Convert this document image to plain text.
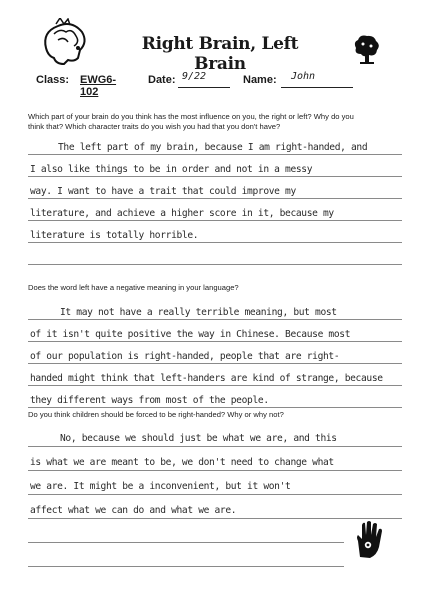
Right Brain, Left Brain
Class: EWG6-102
Date: 9/22	Name: John
Which part of your brain do you think has the most influence on you, the right or left? Why do you
think that? Which character traits do you wish you had that you don't have?
The left part of my brain, because I am right-handed, and
I also like things to be in order and not in a messy
way. I want to have a trait that could improve my
literature, and achieve a higher score in it, because my
literature is totally horrible.
Does the word left have a negative meaning in your language?
It may not have a really terrible meaning, but most
of it isn't quite positive the way in Chinese. Because most
of our population is right-handed, people that are right-
handed might think that left-handers are kind of strange, because
they different ways from most of the people.
Do you think children should be forced to be right-handed? Why or why not?
No, because we should just be what we are, and this
is what we are meant to be, we don't need to change what
we are. It might be a inconvenient, but it won't
affect what we can do and what we are.
